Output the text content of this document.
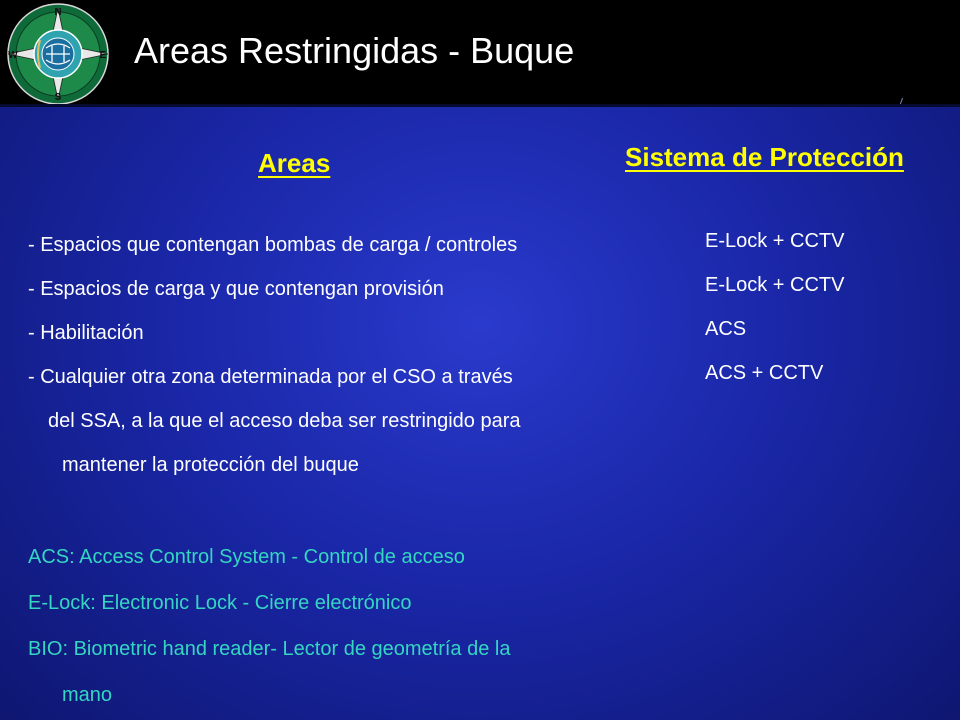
N
S
W	E Areas Restringidas - Buque
Areas	Sistema de Protección

- Espacios que contengan bombas de carga / controles

- Espacios de carga y que contengan provisión

- Habilitación

- Cualquier otra zona determinada por el CSO a través

del SSA, a la que el acceso deba ser restringido para

mantener la protección del buque

E-Lock + CCTV

E-Lock + CCTV

ACS

ACS + CCTV

ACS: Access Control System - Control de acceso

E-Lock: Electronic Lock - Cierre electrónico

BIO: Biometric hand reader- Lector de geometría de la

mano
